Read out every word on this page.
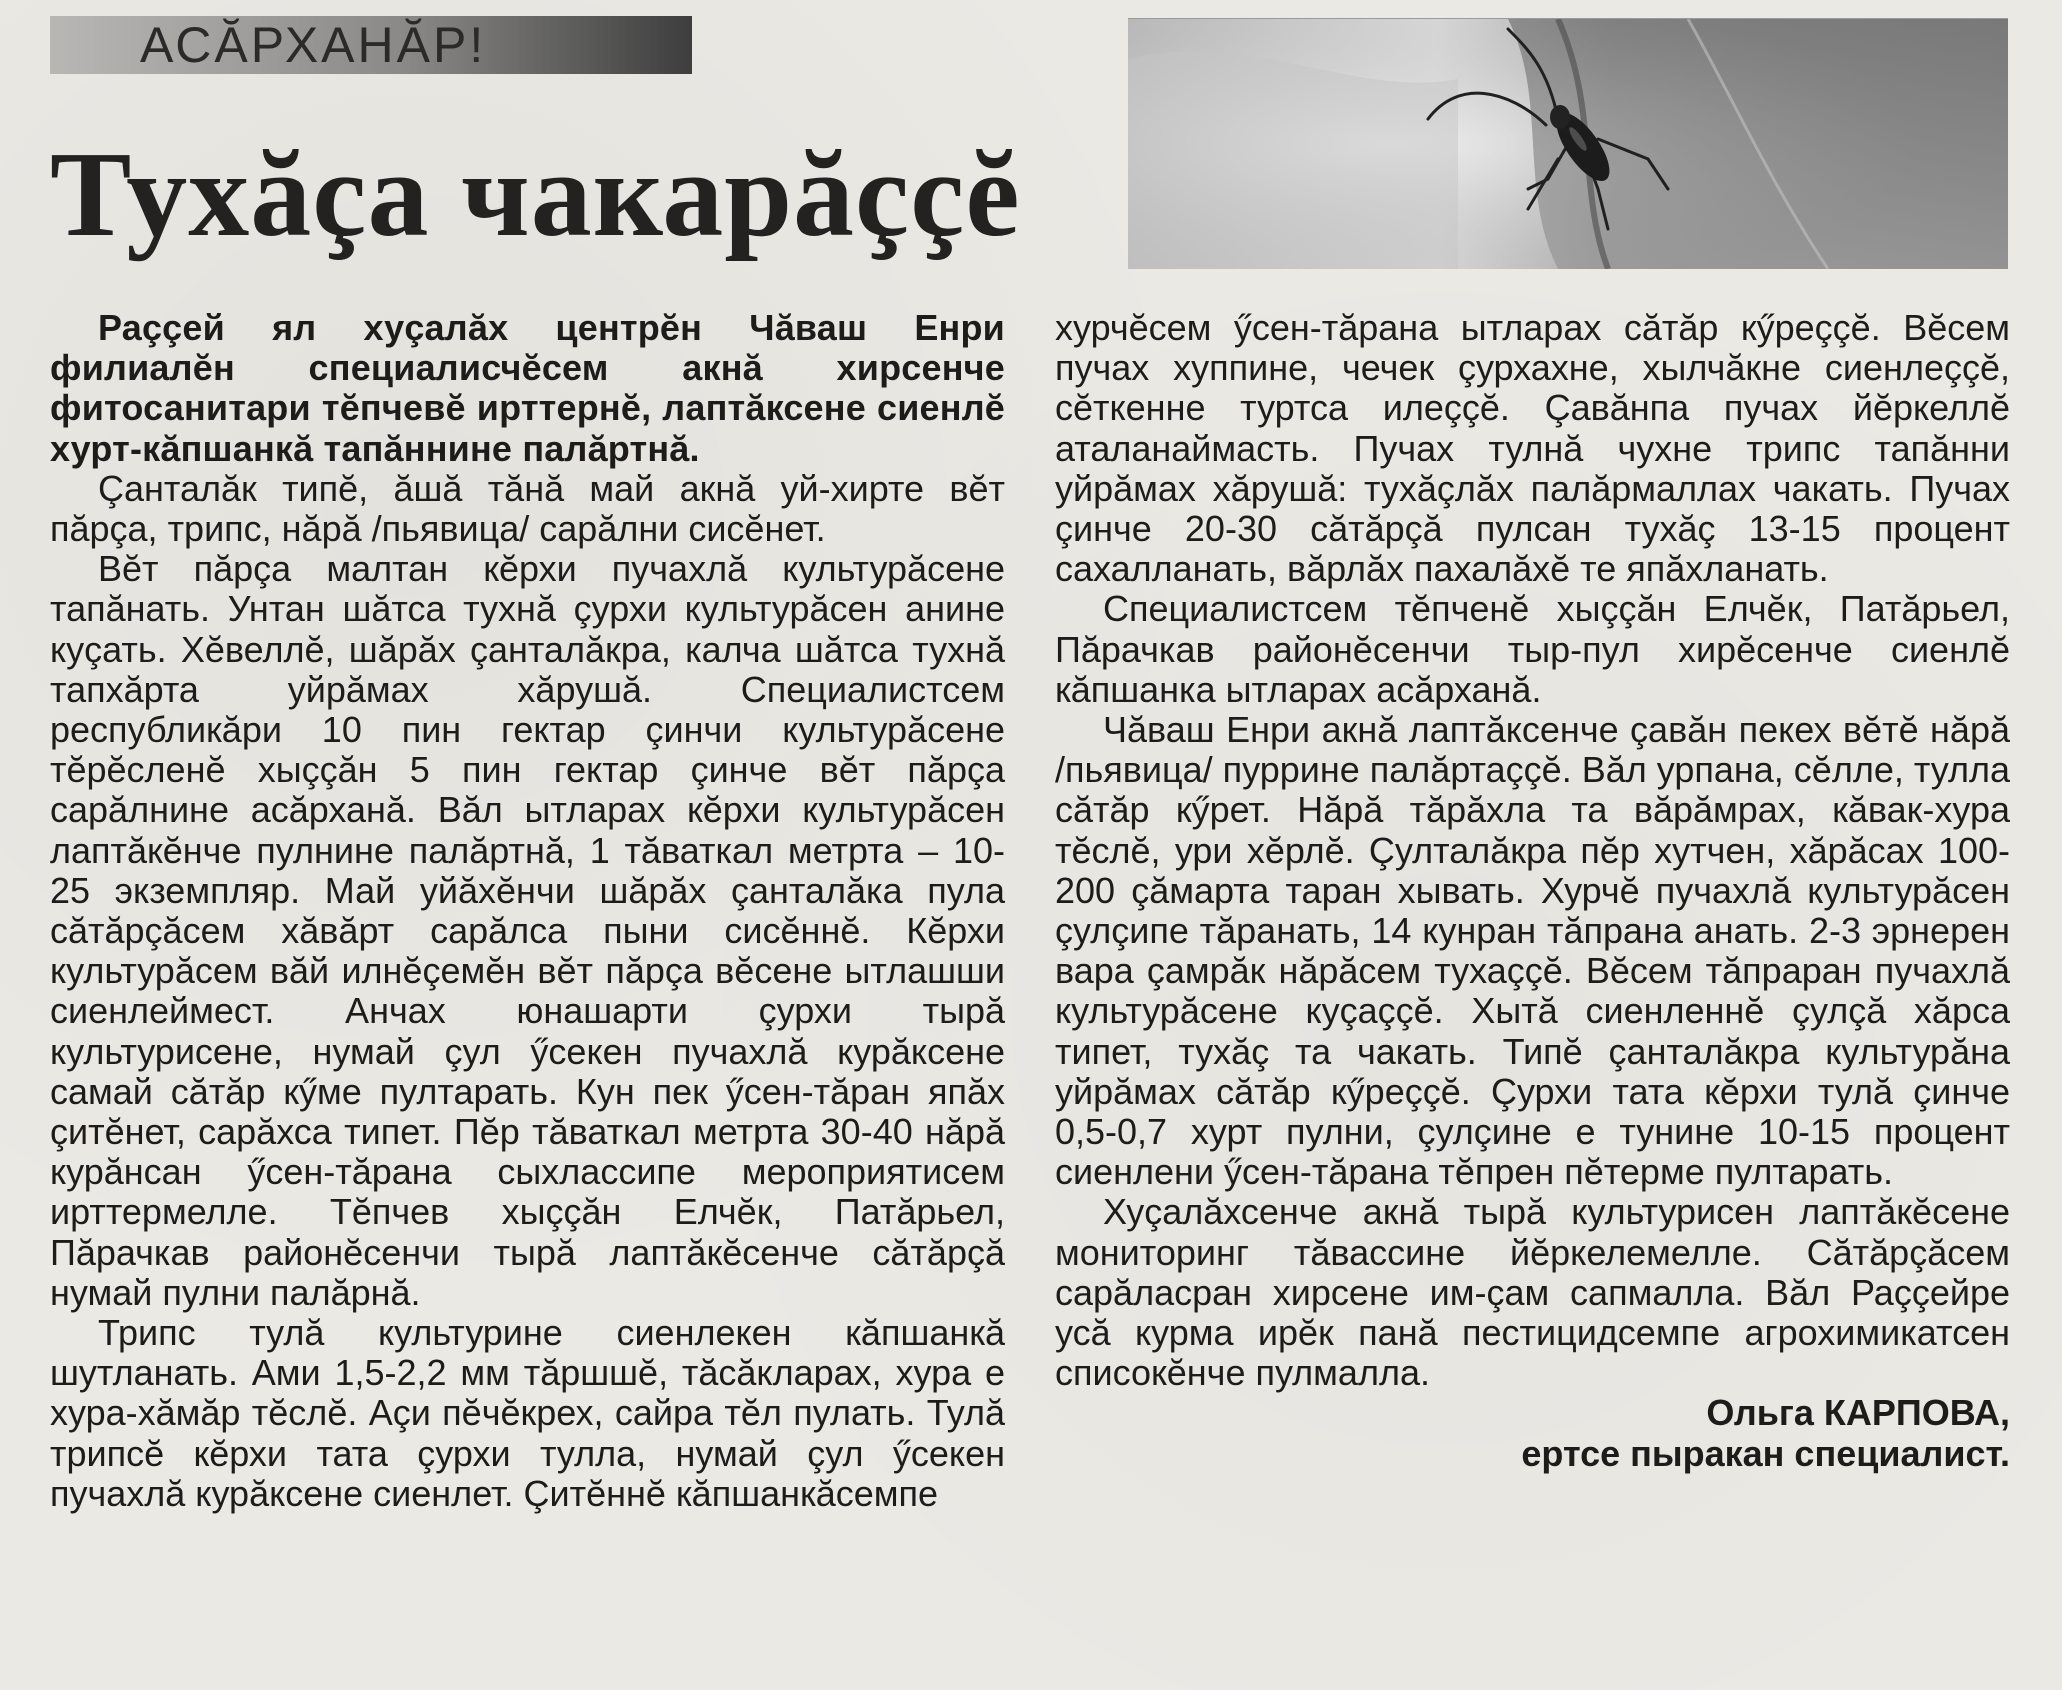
АСĂРХАНĂР!
Тухăçа чакарăççĕ

Раççей ял хуçалăх центрĕн Чăваш Енри филиалĕн специалисчĕсем акнă хирсенче фитосанитари тĕпчевĕ ирттернĕ, лаптăксене сиенлĕ хурт-кăпшанкă тапăннине палăртнă.

Çанталăк типĕ, ăшă тăнă май акнă уй-хирте вĕт пăрçа, трипс, нăрă /пьявица/ сарăлни сисĕнет.

Вĕт пăрçа малтан кĕрхи пучахлă культурăсене тапăнать. Унтан шăтса тухнă çурхи культурăсен анине куçать. Хĕвеллĕ, шăрăх çанталăкра, калча шăтса тухнă тапхăрта уйрăмах хăрушă. Специалистсем республикăри 10 пин гектар çинчи культурăсене тĕрĕсленĕ хыççăн 5 пин гектар çинче вĕт пăрçа сарăлнине асăрханă. Вăл ытларах кĕрхи культурăсен лаптăкĕнче пулнине палăртнă, 1 тăваткал метрта – 10-25 экземпляр. Май уйăхĕнчи шăрăх çанталăка пула сăтăрçăсем хăвăрт сарăлса пыни сисĕннĕ. Кĕрхи культурăсем вăй илнĕçемĕн вĕт пăрçа вĕсене ытлашши сиенлеймест. Анчах юнашарти çурхи тырă культурисене, нумай çул ӳсекен пучахлă курăксене самай сăтăр кӳме пултарать. Кун пек ӳсен-тăран япăх çитĕнет, сарăхса типет. Пĕр тăваткал метрта 30-40 нăрă курăнсан ӳсен-тăрана сыхлассипе мероприятисем ирттермелле. Тĕпчев хыççăн Елчĕк, Патăрьел, Пăрачкав районĕсенчи тырă лаптăкĕсенче сăтăрçă нумай пулни палăрнă.

Трипс тулă культурине сиенлекен кăпшанкă шутланать. Ами 1,5-2,2 мм тăршшĕ, тăсăкларах, хура е хура-хăмăр тĕслĕ. Аçи пĕчĕкрех, сайра тĕл пулать. Тулă трипсĕ кĕрхи тата çурхи тулла, нумай çул ӳсекен пучахлă курăксене сиенлет. Çитĕннĕ кăпшанкăсемпе

хурчĕсем ӳсен-тăрана ытларах сăтăр кӳреççĕ. Вĕсем пучах хуппине, чечек çурхахне, хылчăкне сиенлеççĕ, сĕткенне туртса илеççĕ. Çавăнпа пучах йĕркеллĕ аталанаймасть. Пучах тулнă чухне трипс тапăнни уйрăмах хăрушă: тухăçлăх палăрмаллах чакать. Пучах çинче 20-30 сăтăрçă пулсан тухăç 13-15 процент сахалланать, вăрлăх пахалăхĕ те япăхланать.

Специалистсем тĕпченĕ хыççăн Елчĕк, Патăрьел, Пăрачкав районĕсенчи тыр-пул хирĕсенче сиенлĕ кăпшанка ытларах асăрханă.

Чăваш Енри акнă лаптăксенче çавăн пекех вĕтĕ нăрă /пьявица/ пуррине палăртаççĕ. Вăл урпана, сĕлле, тулла сăтăр кӳрет. Нăрă тăрăхла та вăрăмрах, кăвак-хура тĕслĕ, ури хĕрлĕ. Çулталăкра пĕр хутчен, хăрăсах 100-200 çăмарта таран хывать. Хурчĕ пучахлă культурăсен çулçипе тăранать, 14 кунран тăпрана анать. 2-3 эрнерен вара çамрăк нăрăсем тухаççĕ. Вĕсем тăпраран пучахлă культурăсене куçаççĕ. Хытă сиенленнĕ çулçă хăрса типет, тухăç та чакать. Типĕ çанталăкра культурăна уйрăмах сăтăр кӳреççĕ. Çурхи тата кĕрхи тулă çинче 0,5-0,7 хурт пулни, çулçине е тунине 10-15 процент сиенлени ӳсен-тăрана тĕпрен пĕтерме пултарать.

Хуçалăхсенче акнă тырă культурисен лаптăкĕсене мониторинг тăвассине йĕркелемелле. Сăтăрçăсем сарăласран хирсене им-çам сапмалла. Вăл Раççейре усă курма ирĕк панă пестицидсемпе агрохимикатсен списокĕнче пулмалла.

Ольга КАРПОВА,
ертсе пыракан специалист.
